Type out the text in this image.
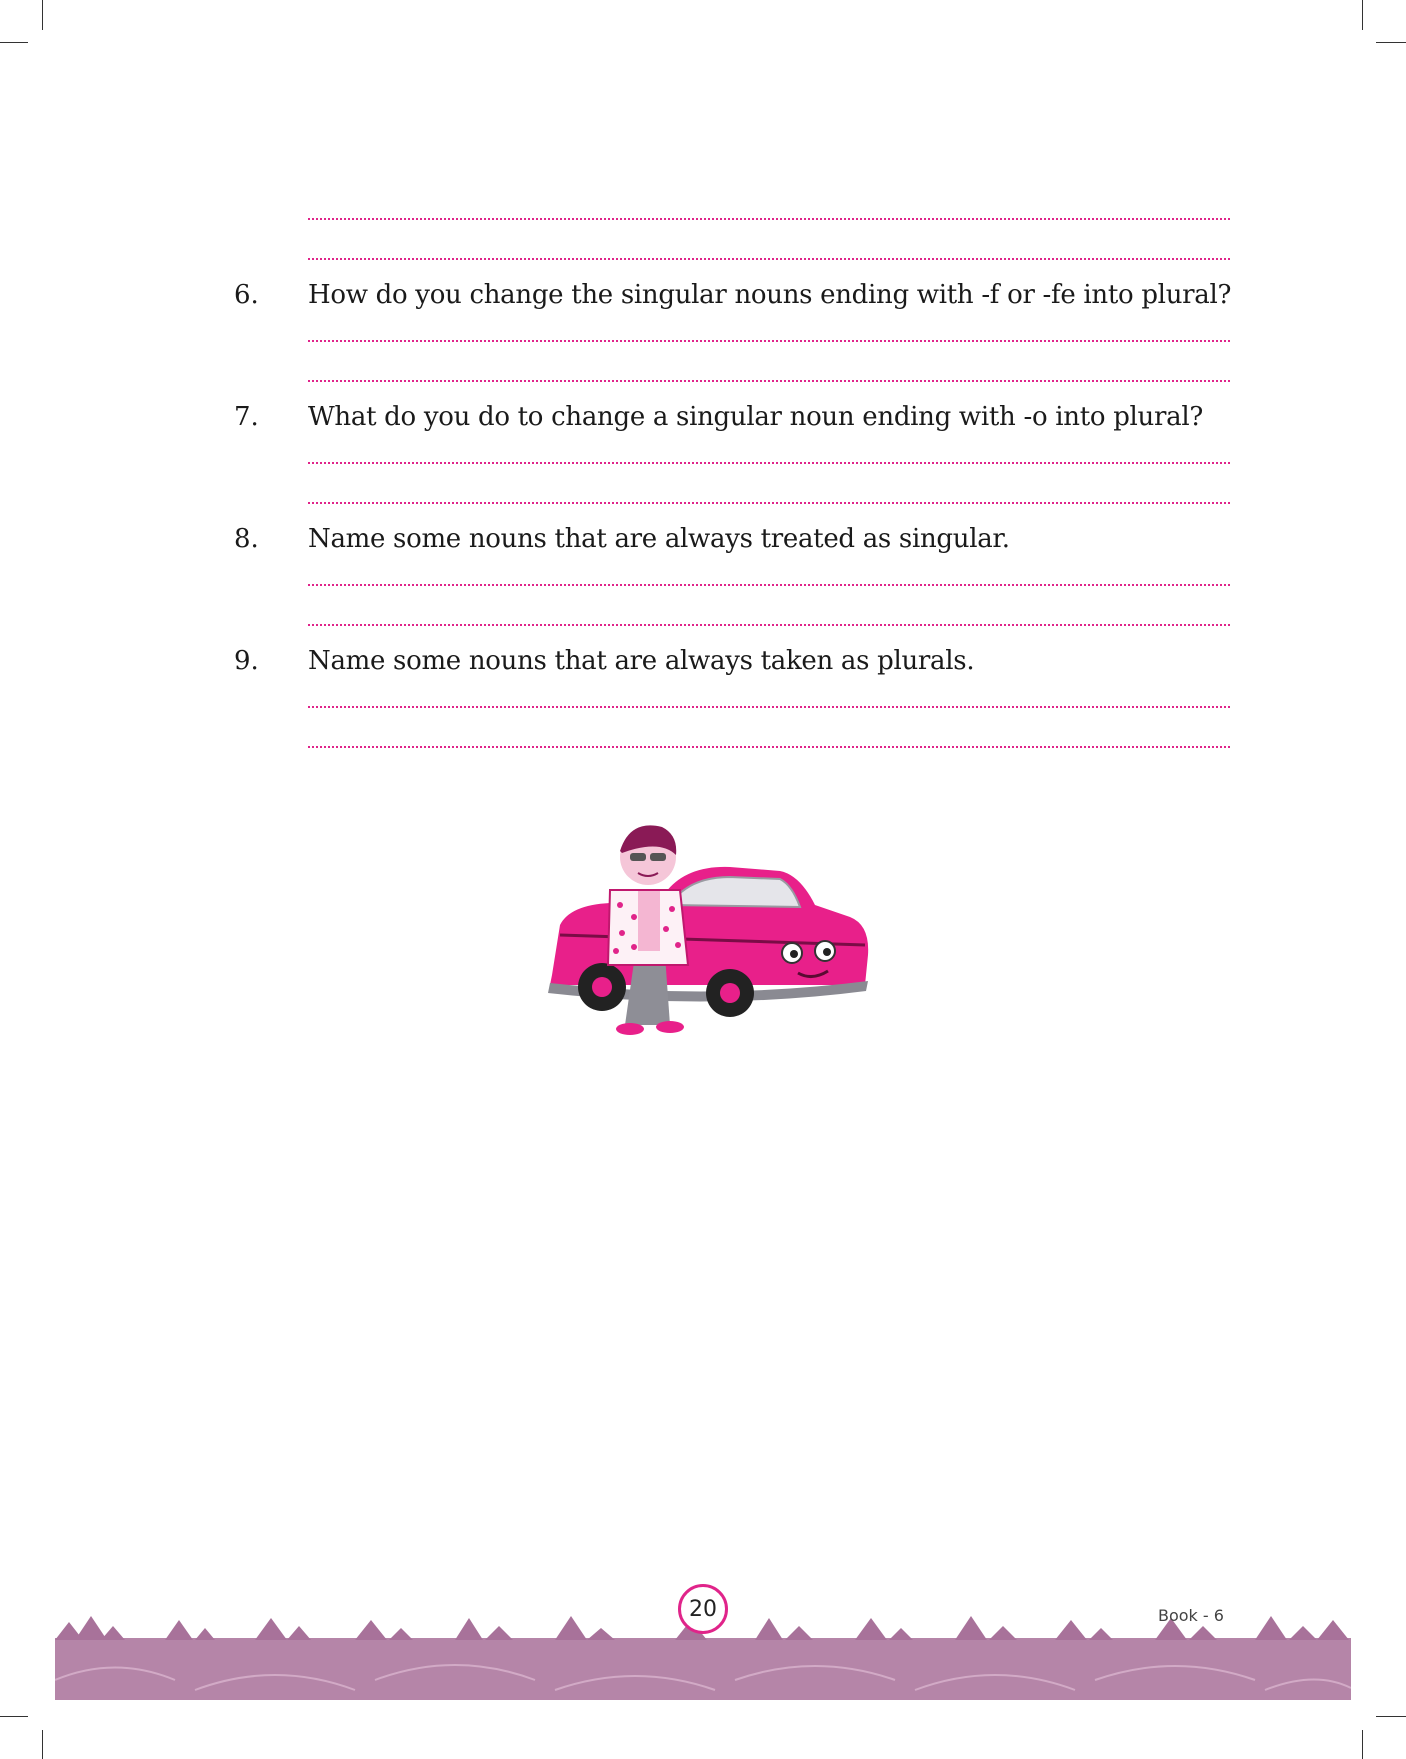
6. How do you change the singular nouns ending with -f or -fe into plural?
7. What do you do to change a singular noun ending with -o into plural?
8. Name some nouns that are always treated as singular.
9. Name some nouns that are always taken as plurals.
20	Book - 6
